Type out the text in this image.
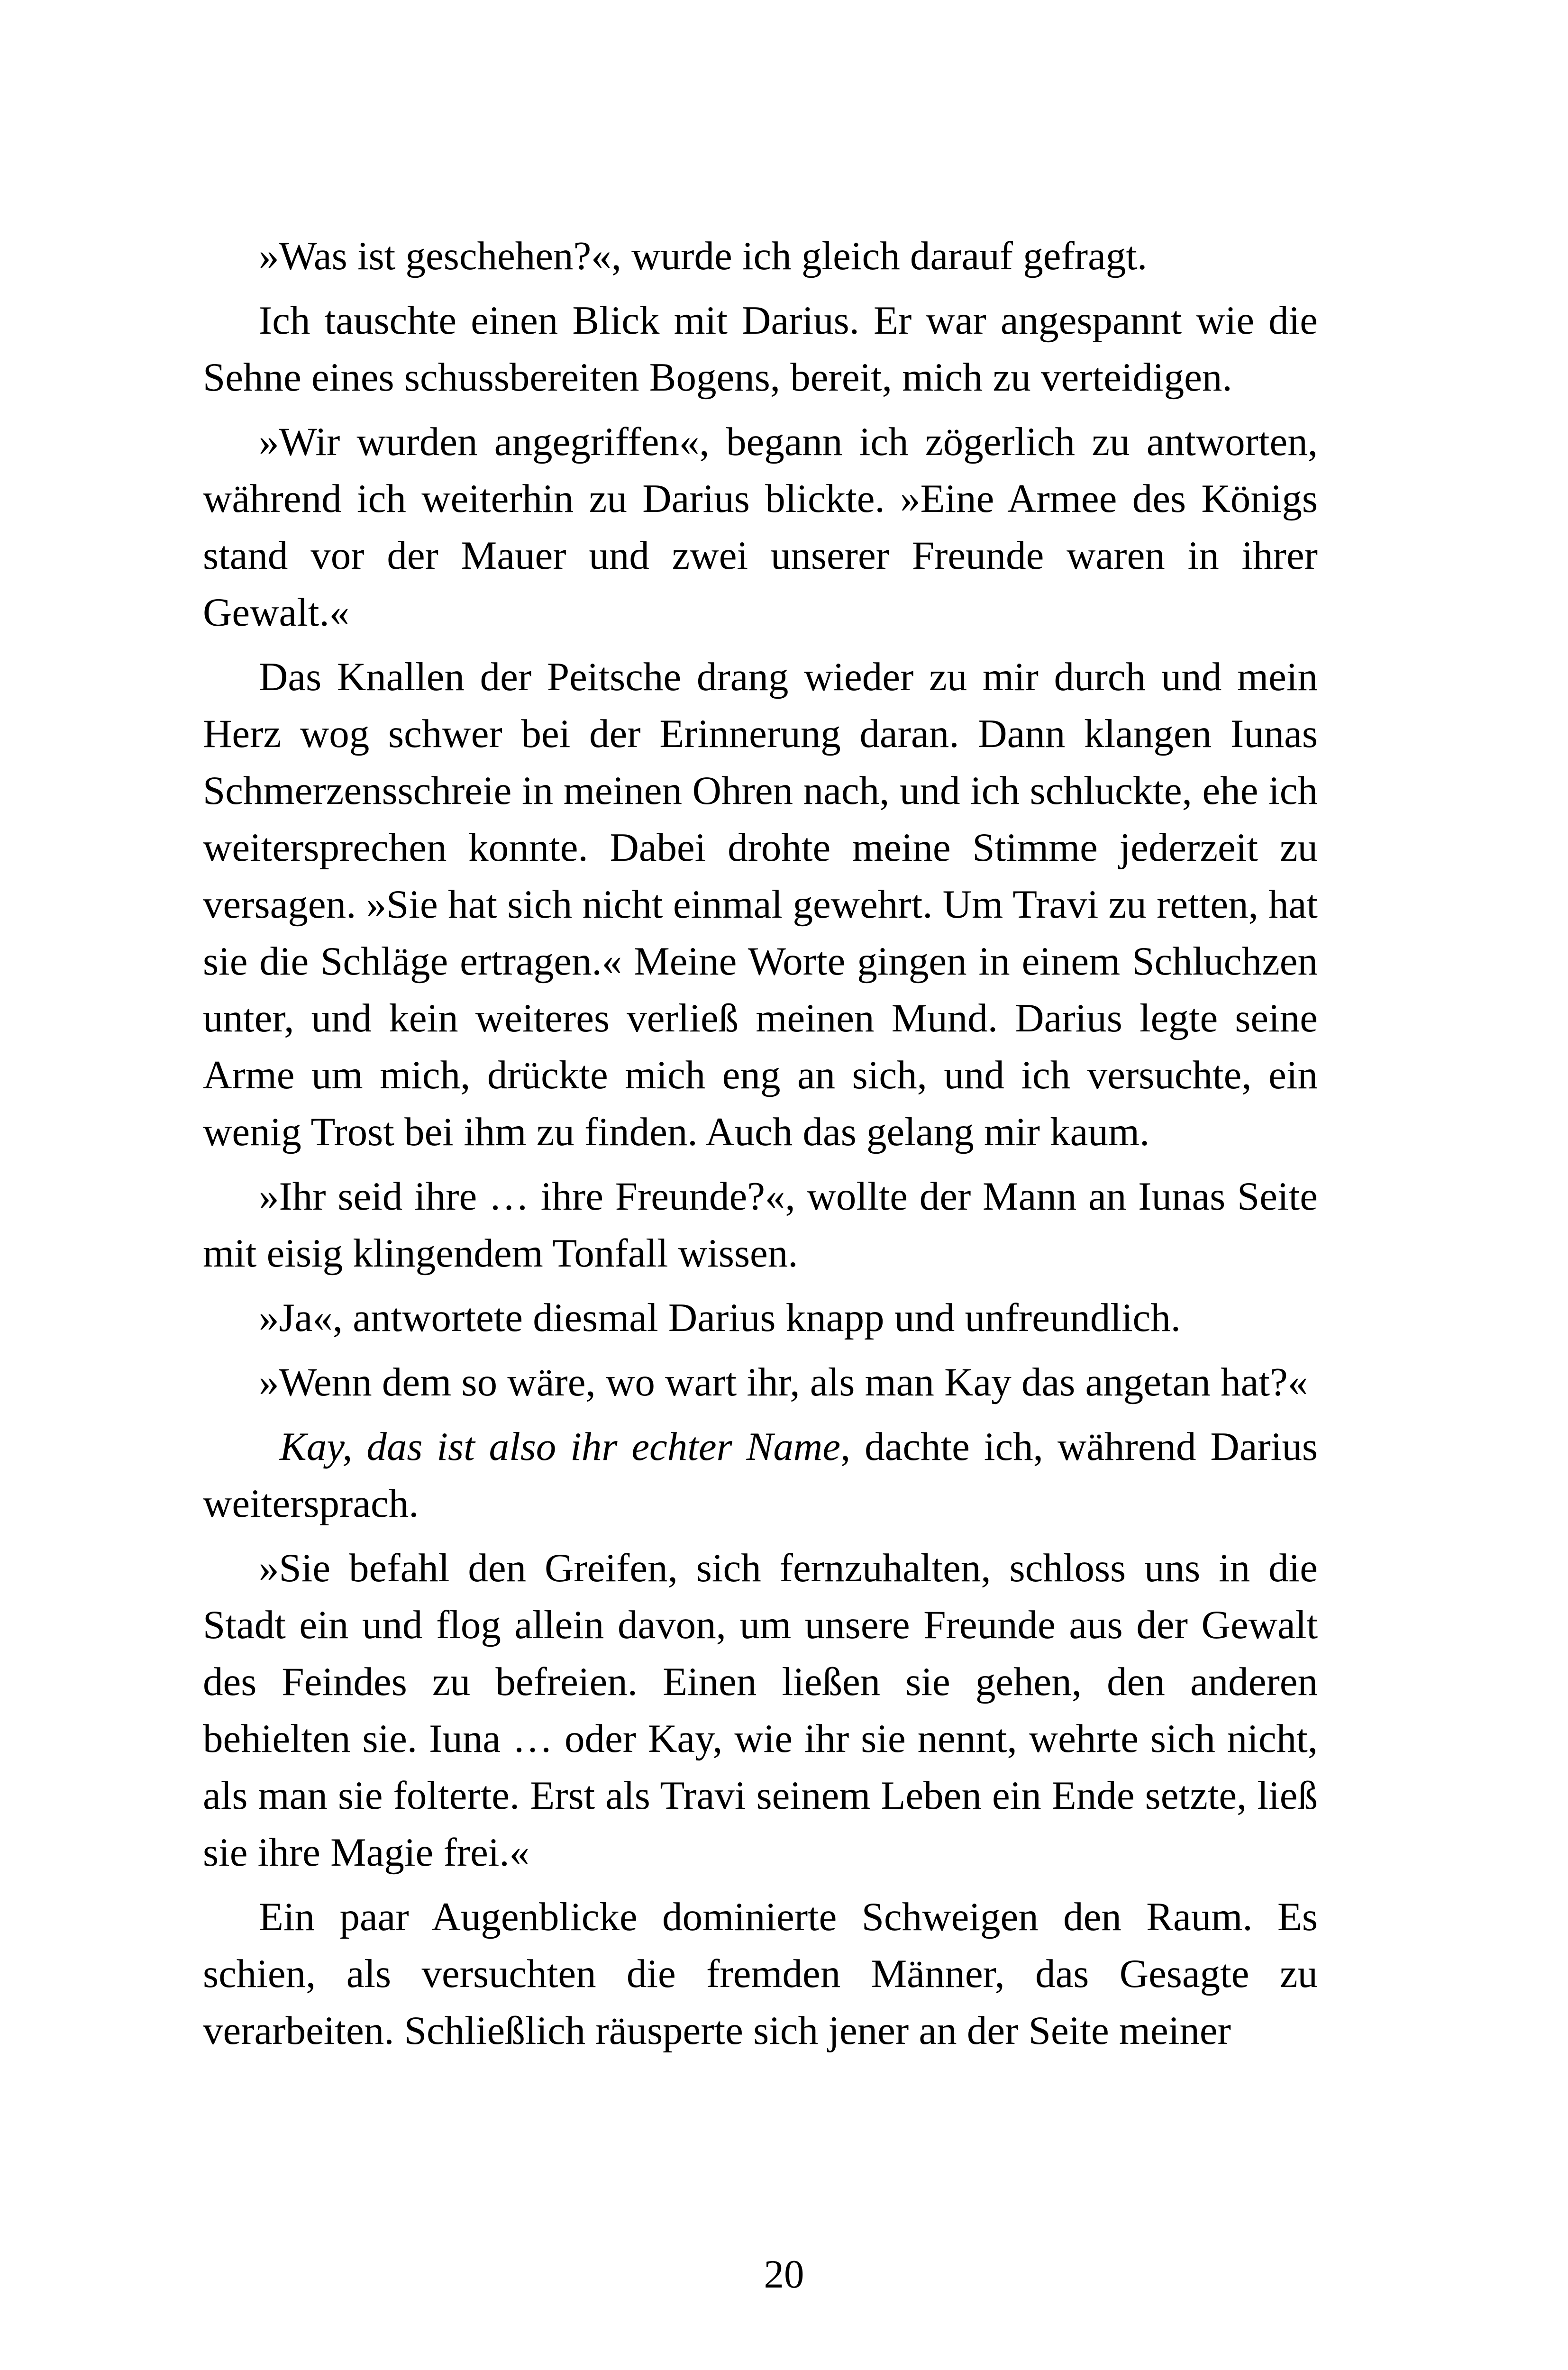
»Was ist geschehen?«, wurde ich gleich darauf gefragt.

Ich tauschte einen Blick mit Darius. Er war angespannt wie die Sehne eines schussbereiten Bogens, bereit, mich zu verteidigen.

»Wir wurden angegriffen«, begann ich zögerlich zu antworten, während ich weiterhin zu Darius blickte. »Eine Armee des Königs stand vor der Mauer und zwei unserer Freunde waren in ihrer Gewalt.«

Das Knallen der Peitsche drang wieder zu mir durch und mein Herz wog schwer bei der Erinnerung daran. Dann klangen Iunas Schmerzensschreie in meinen Ohren nach, und ich schluckte, ehe ich weitersprechen konnte. Dabei drohte meine Stimme jederzeit zu versagen. »Sie hat sich nicht einmal gewehrt. Um Travi zu retten, hat sie die Schläge ertragen.« Meine Worte gingen in einem Schluchzen unter, und kein weiteres verließ meinen Mund. Darius legte seine Arme um mich, drückte mich eng an sich, und ich versuchte, ein wenig Trost bei ihm zu finden. Auch das gelang mir kaum.

»Ihr seid ihre … ihre Freunde?«, wollte der Mann an Iunas Seite mit eisig klingendem Tonfall wissen.

»Ja«, antwortete diesmal Darius knapp und unfreundlich.

»Wenn dem so wäre, wo wart ihr, als man Kay das angetan hat?«

Kay, das ist also ihr echter Name, dachte ich, während Darius weitersprach.

»Sie befahl den Greifen, sich fernzuhalten, schloss uns in die Stadt ein und flog allein davon, um unsere Freunde aus der Gewalt des Feindes zu befreien. Einen ließen sie gehen, den anderen behielten sie. Iuna … oder Kay, wie ihr sie nennt, wehrte sich nicht, als man sie folterte. Erst als Travi seinem Leben ein Ende setzte, ließ sie ihre Magie frei.«

Ein paar Augenblicke dominierte Schweigen den Raum. Es schien, als versuchten die fremden Männer, das Gesagte zu verarbeiten. Schließlich räusperte sich jener an der Seite meiner

20
